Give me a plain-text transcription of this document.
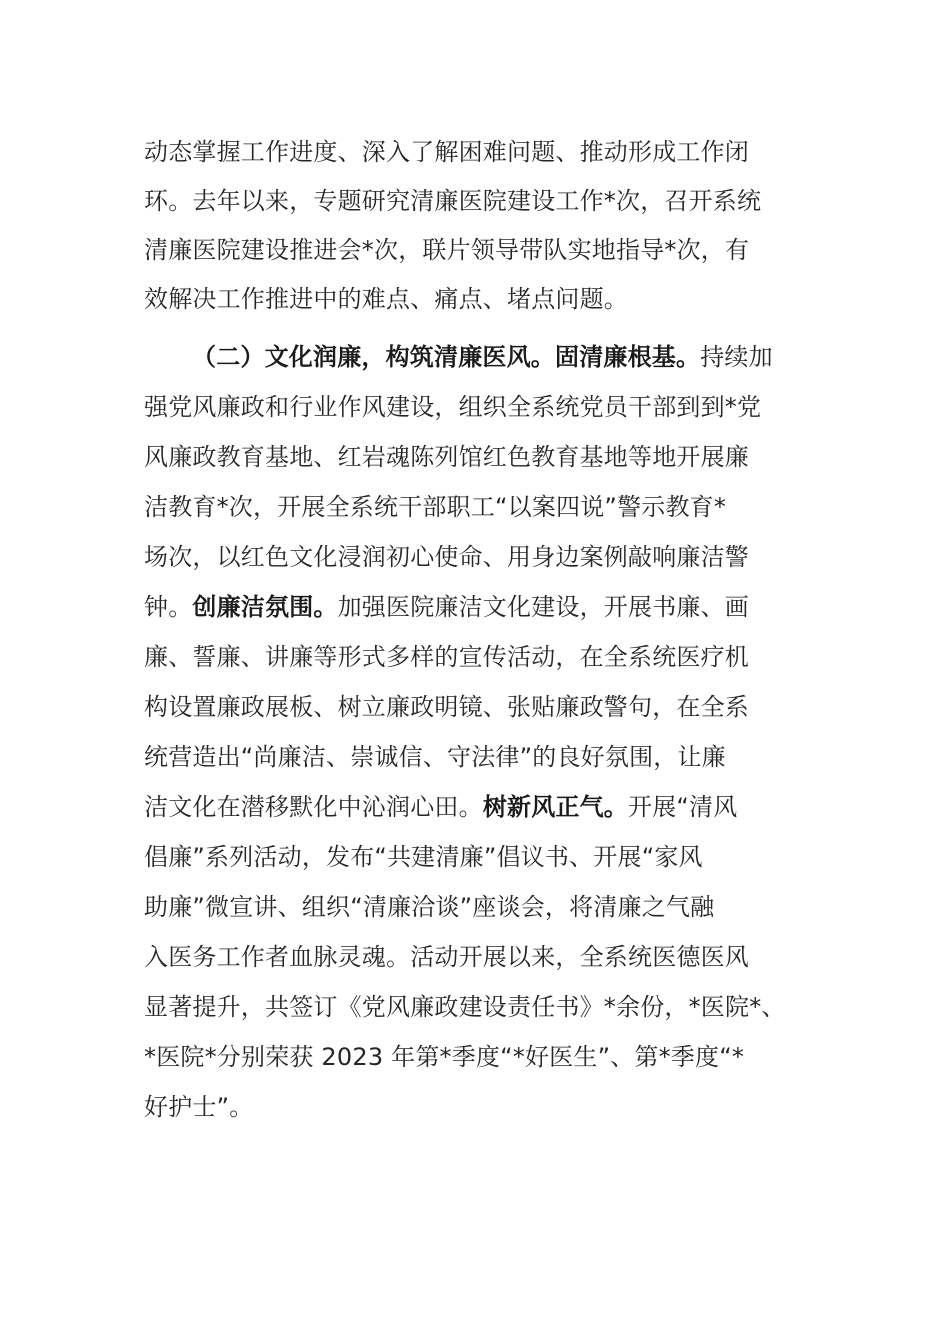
动态掌握工作进度、深入了解困难问题、推动形成工作闭
环。去年以来，专题研究清廉医院建设工作*次，召开系统
清廉医院建设推进会*次，联片领导带队实地指导*次，有
效解决工作推进中的难点、痛点、堵点问题。
（二）文化润廉，构筑清廉医风。固清廉根基。持续加
强党风廉政和行业作风建设，组织全系统党员干部到到*党
风廉政教育基地、红岩魂陈列馆红色教育基地等地开展廉
洁教育*次，开展全系统干部职工“以案四说”警示教育*
场次，以红色文化浸润初心使命、用身边案例敲响廉洁警
钟。创廉洁氛围。加强医院廉洁文化建设，开展书廉、画
廉、誓廉、讲廉等形式多样的宣传活动，在全系统医疗机
构设置廉政展板、树立廉政明镜、张贴廉政警句，在全系
统营造出“尚廉洁、崇诚信、守法律”的良好氛围，让廉
洁文化在潜移默化中沁润心田。树新风正气。开展“清风
倡廉”系列活动，发布“共建清廉”倡议书、开展“家风
助廉”微宣讲、组织“清廉洽谈”座谈会，将清廉之气融
入医务工作者血脉灵魂。活动开展以来，全系统医德医风
显著提升，共签订《党风廉政建设责任书》*余份，*医院*、
*医院*分别荣获 2023 年第*季度“*好医生”、第*季度“*
好护士”。
